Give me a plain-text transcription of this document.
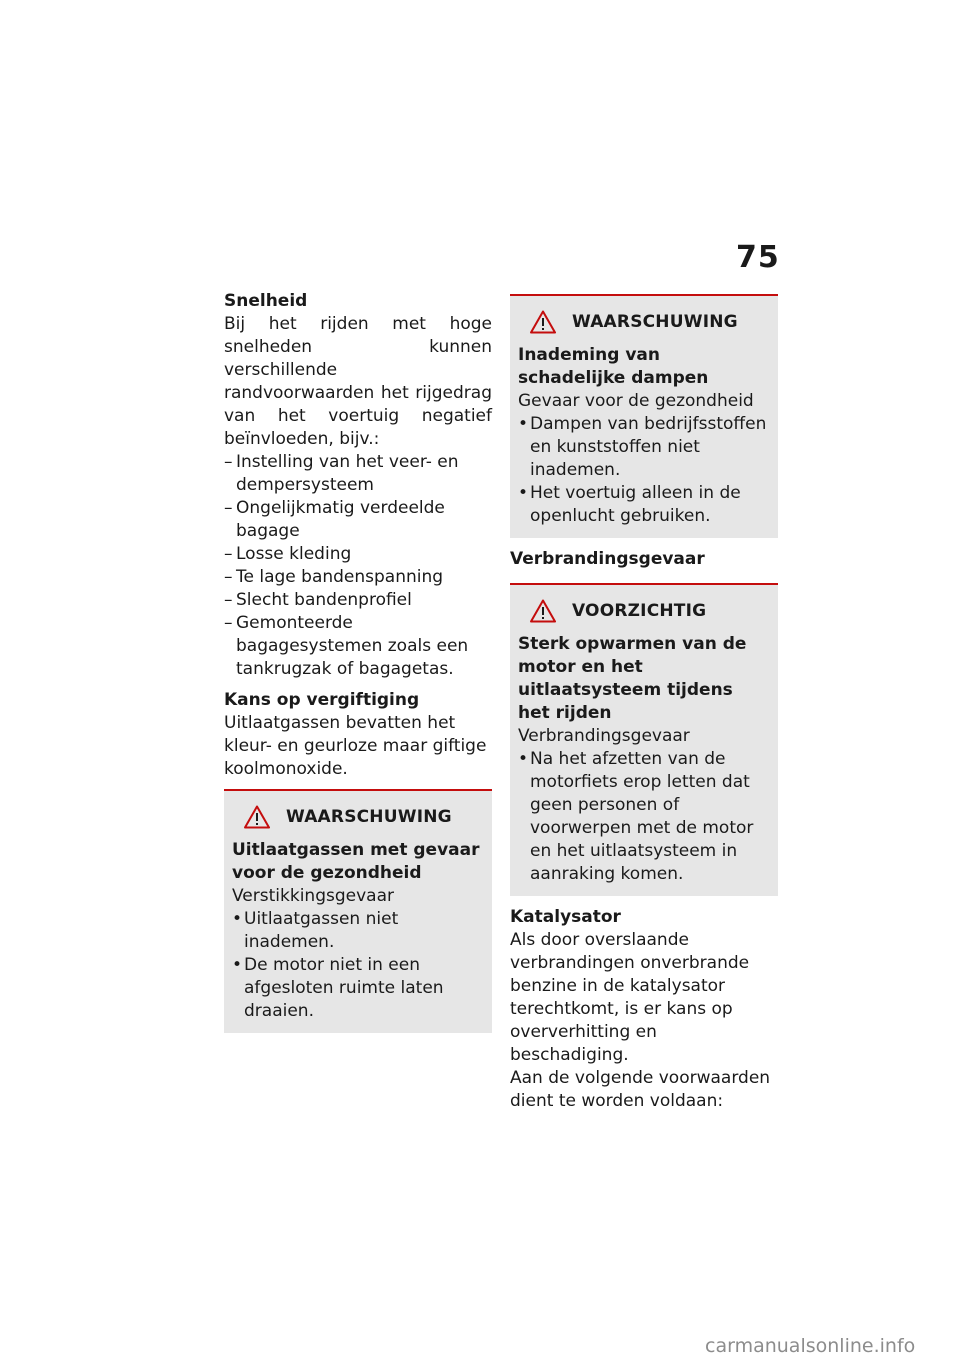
75
Snelheid
Bij het rijden met hoge snelheden kunnen verschillende randvoorwaarden het rijgedrag van het voertuig negatief beïnvloeden, bijv.:
– Instelling van het veer- en dempersysteem
– Ongelijkmatig verdeelde bagage
– Losse kleding
– Te lage bandenspanning
– Slecht bandenprofiel
– Gemonteerde bagagesystemen zoals een tankrugzak of bagagetas.
Kans op vergiftiging
Uitlaatgassen bevatten het kleur- en geurloze maar giftige koolmonoxide.
WAARSCHUWING
Uitlaatgassen met gevaar voor de gezondheid
Verstikkingsgevaar
• Uitlaatgassen niet inademen.
• De motor niet in een afgesloten ruimte laten draaien.
WAARSCHUWING
Inademing van schadelijke dampen
Gevaar voor de gezondheid
• Dampen van bedrijfsstoffen en kunststoffen niet inademen.
• Het voertuig alleen in de openlucht gebruiken.
Verbrandingsgevaar
VOORZICHTIG
Sterk opwarmen van de motor en het uitlaatsysteem tijdens het rijden
Verbrandingsgevaar
• Na het afzetten van de motorfiets erop letten dat geen personen of voorwerpen met de motor en het uitlaatsysteem in aanraking komen.
Katalysator
Als door overslaande verbrandingen onverbrande benzine in de katalysator terechtkomt, is er kans op oververhitting en beschadiging.
Aan de volgende voorwaarden dient te worden voldaan:
carmanualsonline.info
